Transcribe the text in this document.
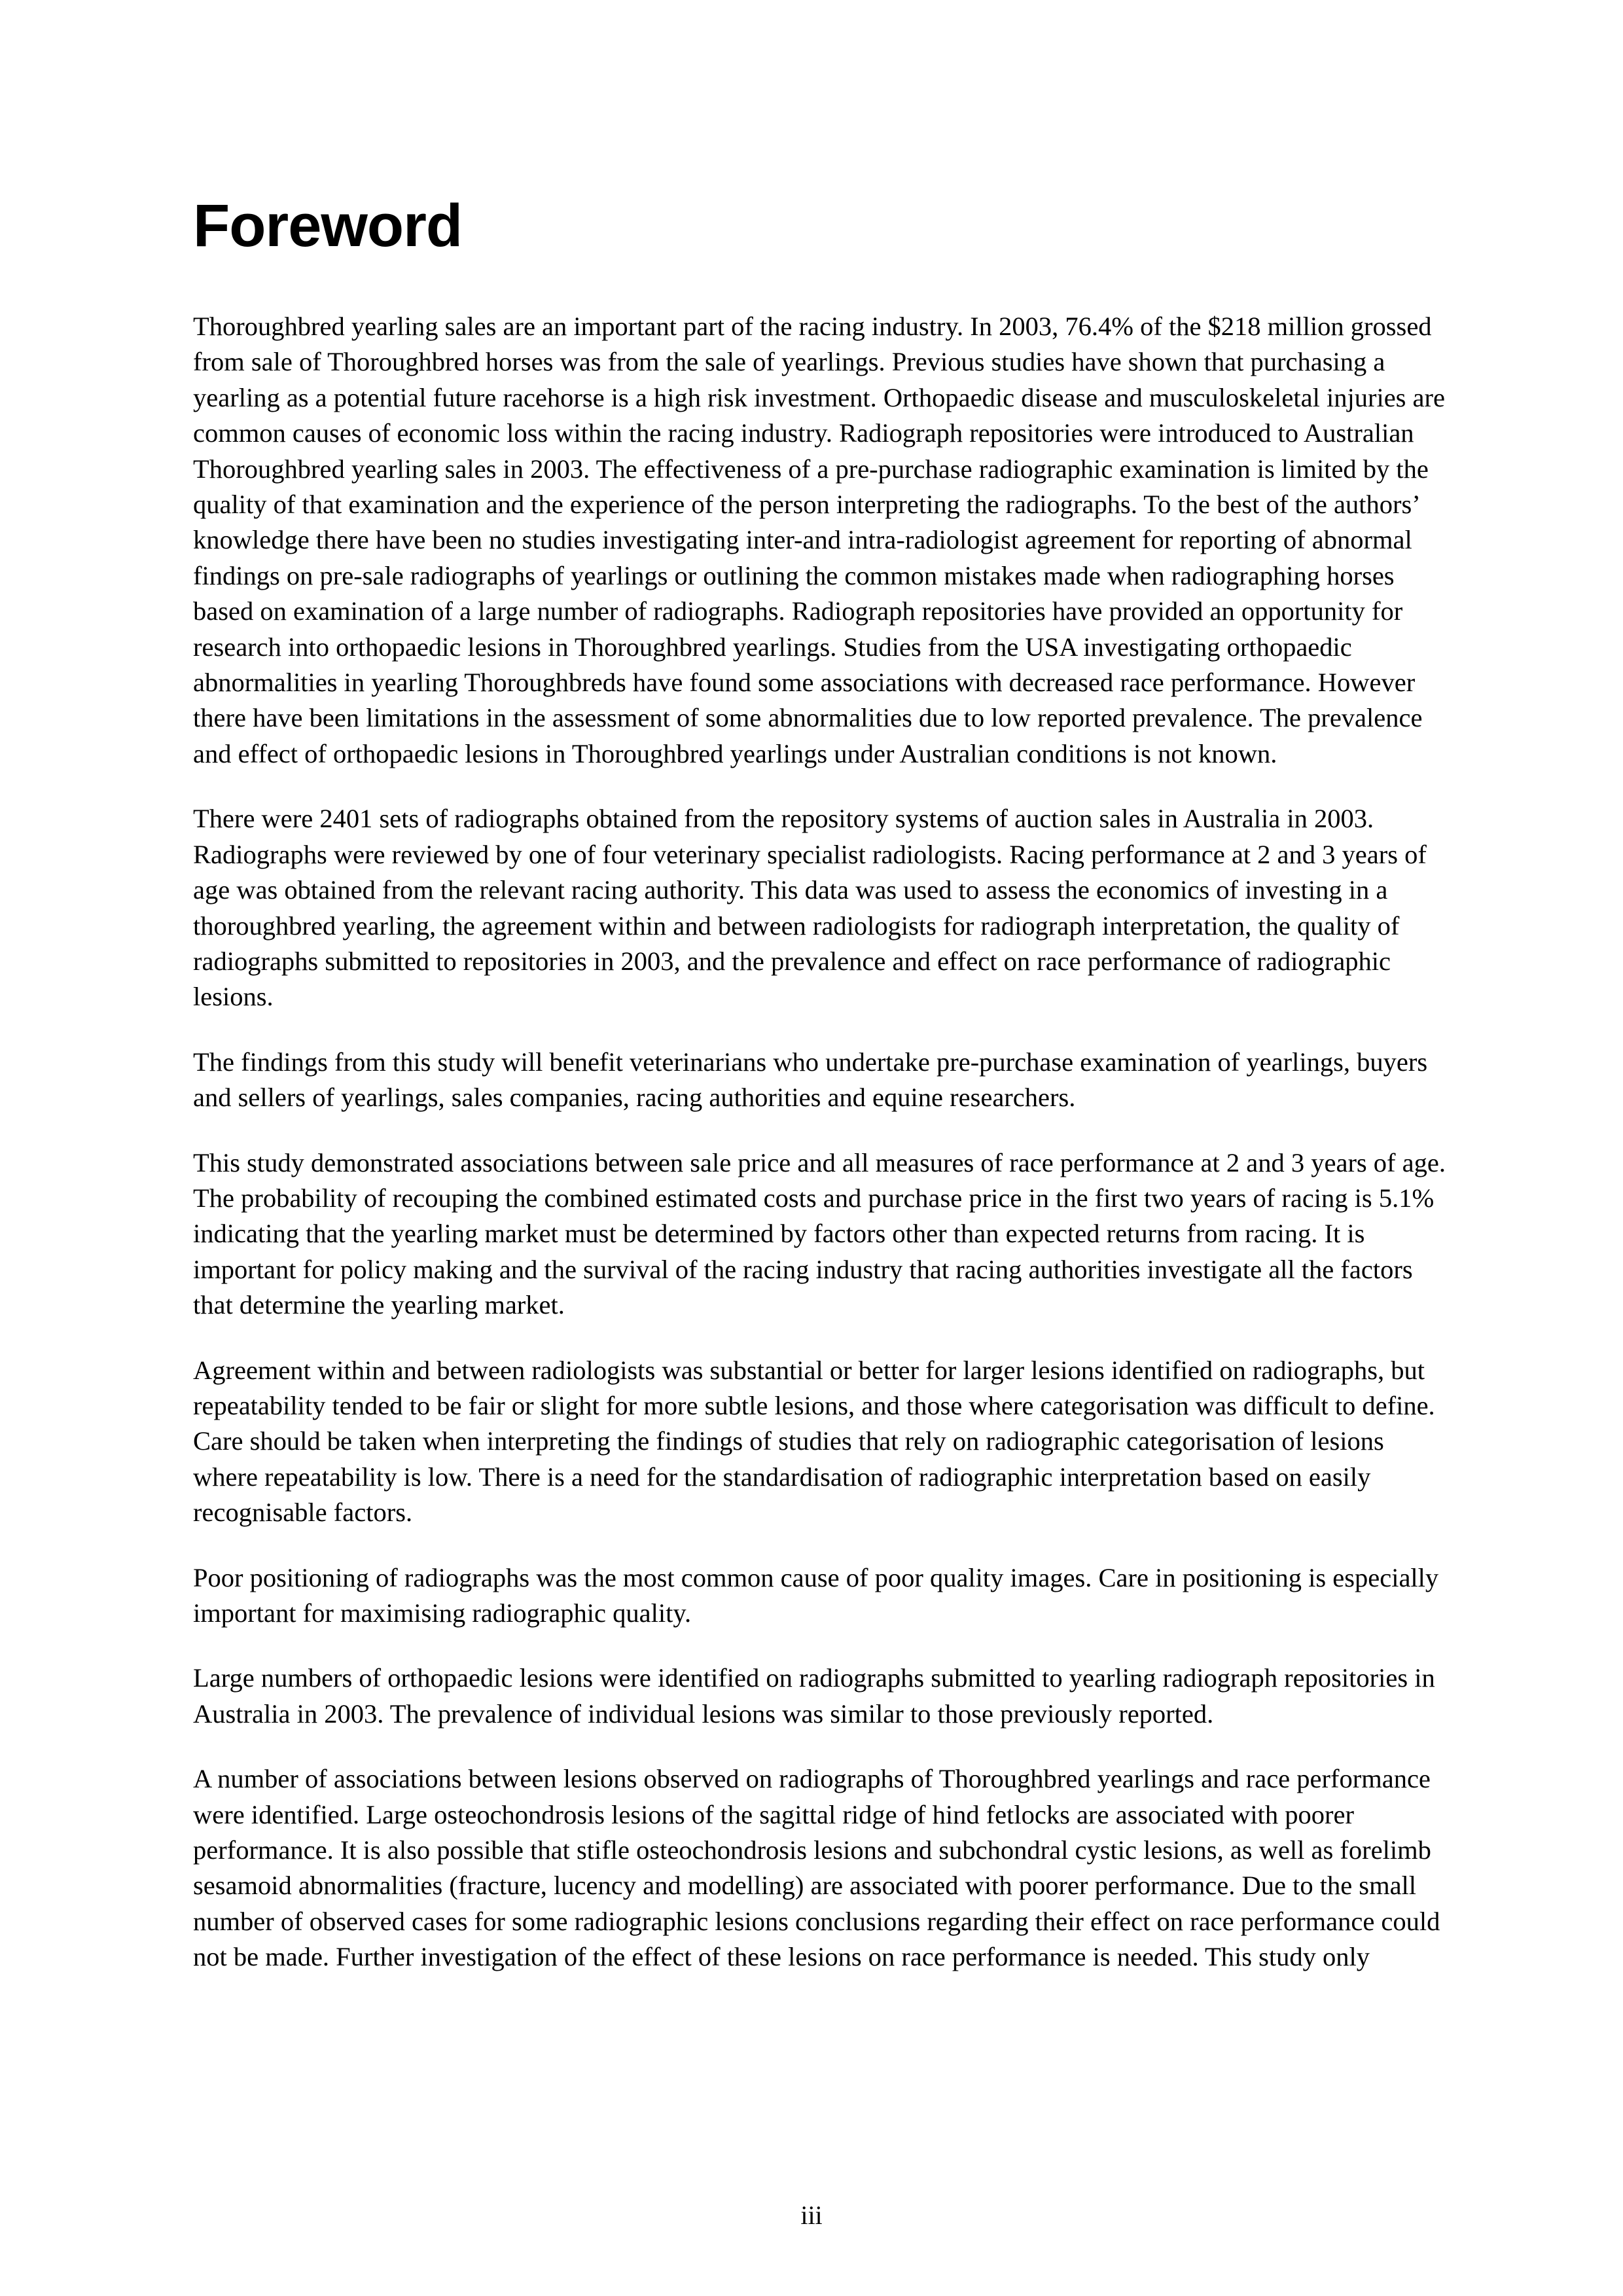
Foreword

Thoroughbred yearling sales are an important part of the racing industry. In 2003, 76.4% of the $218 million grossed from sale of Thoroughbred horses was from the sale of yearlings. Previous studies have shown that purchasing a yearling as a potential future racehorse is a high risk investment. Orthopaedic disease and musculoskeletal injuries are common causes of economic loss within the racing industry. Radiograph repositories were introduced to Australian Thoroughbred yearling sales in 2003. The effectiveness of a pre-purchase radiographic examination is limited by the quality of that examination and the experience of the person interpreting the radiographs. To the best of the authors’ knowledge there have been no studies investigating inter-and intra-radiologist agreement for reporting of abnormal findings on pre-sale radiographs of yearlings or outlining the common mistakes made when radiographing horses based on examination of a large number of radiographs. Radiograph repositories have provided an opportunity for research into orthopaedic lesions in Thoroughbred yearlings. Studies from the USA investigating orthopaedic abnormalities in yearling Thoroughbreds have found some associations with decreased race performance. However there have been limitations in the assessment of some abnormalities due to low reported prevalence. The prevalence and effect of orthopaedic lesions in Thoroughbred yearlings under Australian conditions is not known.

There were 2401 sets of radiographs obtained from the repository systems of auction sales in Australia in 2003. Radiographs were reviewed by one of four veterinary specialist radiologists. Racing performance at 2 and 3 years of age was obtained from the relevant racing authority. This data was used to assess the economics of investing in a thoroughbred yearling, the agreement within and between radiologists for radiograph interpretation, the quality of radiographs submitted to repositories in 2003, and the prevalence and effect on race performance of radiographic lesions.

The findings from this study will benefit veterinarians who undertake pre-purchase examination of yearlings, buyers and sellers of yearlings, sales companies, racing authorities and equine researchers.

This study demonstrated associations between sale price and all measures of race performance at 2 and 3 years of age. The probability of recouping the combined estimated costs and purchase price in the first two years of racing is 5.1% indicating that the yearling market must be determined by factors other than expected returns from racing. It is important for policy making and the survival of the racing industry that racing authorities investigate all the factors that determine the yearling market.

Agreement within and between radiologists was substantial or better for larger lesions identified on radiographs, but repeatability tended to be fair or slight for more subtle lesions, and those where categorisation was difficult to define. Care should be taken when interpreting the findings of studies that rely on radiographic categorisation of lesions where repeatability is low. There is a need for the standardisation of radiographic interpretation based on easily recognisable factors.

Poor positioning of radiographs was the most common cause of poor quality images. Care in positioning is especially important for maximising radiographic quality.

Large numbers of orthopaedic lesions were identified on radiographs submitted to yearling radiograph repositories in Australia in 2003. The prevalence of individual lesions was similar to those previously reported.

A number of associations between lesions observed on radiographs of Thoroughbred yearlings and race performance were identified. Large osteochondrosis lesions of the sagittal ridge of hind fetlocks are associated with poorer performance. It is also possible that stifle osteochondrosis lesions and subchondral cystic lesions, as well as forelimb sesamoid abnormalities (fracture, lucency and modelling) are associated with poorer performance. Due to the small number of observed cases for some radiographic lesions conclusions regarding their effect on race performance could not be made. Further investigation of the effect of these lesions on race performance is needed. This study only

iii
